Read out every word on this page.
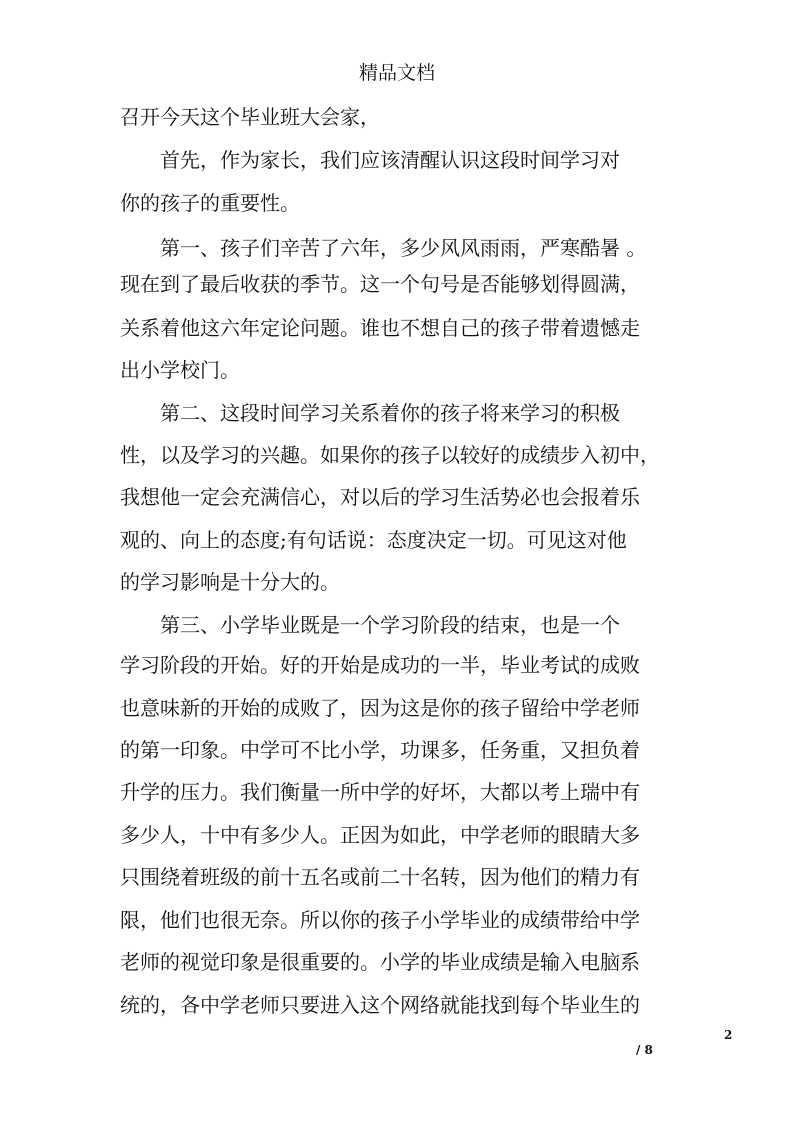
精品文档
召开今天这个毕业班大会家，
　　首先，作为家长，我们应该清醒认识这段时间学习对
你的孩子的重要性。
　　第一、孩子们辛苦了六年，多少风风雨雨，严寒酷暑 。
现在到了最后收获的季节。这一个句号是否能够划得圆满，
关系着他这六年定论问题。谁也不想自己的孩子带着遗憾走
出小学校门。
　　第二、这段时间学习关系着你的孩子将来学习的积极
性，以及学习的兴趣。如果你的孩子以较好的成绩步入初中，
我想他一定会充满信心，对以后的学习生活势必也会报着乐
观的、向上的态度;有句话说：态度决定一切。可见这对他
的学习影响是十分大的。
　　第三、小学毕业既是一个学习阶段的结束，也是一个
学习阶段的开始。好的开始是成功的一半，毕业考试的成败
也意味新的开始的成败了，因为这是你的孩子留给中学老师
的第一印象。中学可不比小学，功课多，任务重，又担负着
升学的压力。我们衡量一所中学的好坏，大都以考上瑞中有
多少人，十中有多少人。正因为如此，中学老师的眼睛大多
只围绕着班级的前十五名或前二十名转，因为他们的精力有
限，他们也很无奈。所以你的孩子小学毕业的成绩带给中学
老师的视觉印象是很重要的。小学的毕业成绩是输入电脑系
统的，各中学老师只要进入这个网络就能找到每个毕业生的
2
/ 8
